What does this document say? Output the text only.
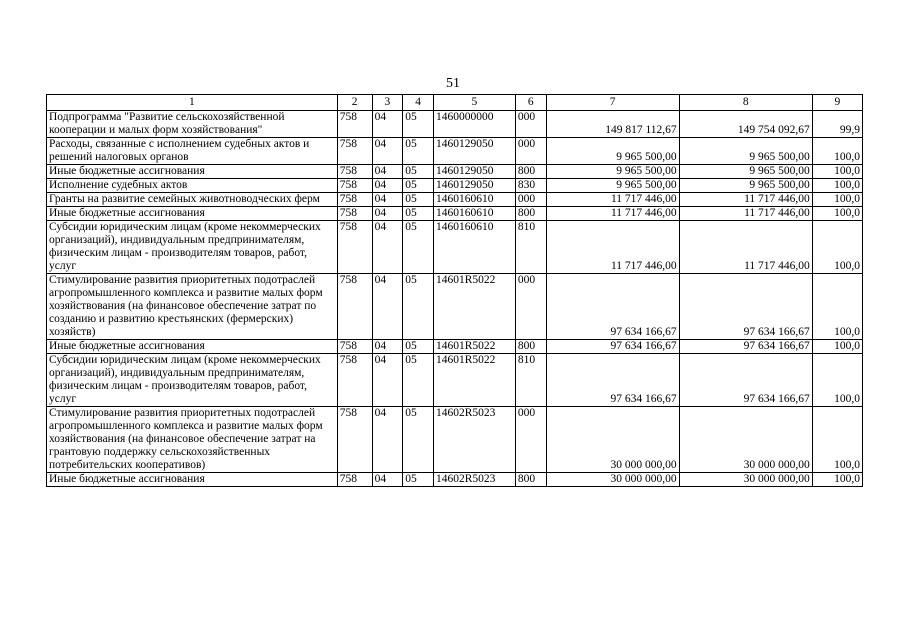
51
1	2	3	4	5	6	7	8	9
Подпрограмма "Развитие сельскохозяйственной кооперации и малых форм хозяйствования"	758	04	05	1460000000	000	149 817 112,67	149 754 092,67	99,9
Расходы, связанные с исполнением судебных актов и решений налоговых органов	758	04	05	1460129050	000	9 965 500,00	9 965 500,00	100,0
Иные бюджетные ассигнования	758	04	05	1460129050	800	9 965 500,00	9 965 500,00	100,0
Исполнение судебных актов	758	04	05	1460129050	830	9 965 500,00	9 965 500,00	100,0
Гранты на развитие семейных животноводческих ферм	758	04	05	1460160610	000	11 717 446,00	11 717 446,00	100,0
Иные бюджетные ассигнования	758	04	05	1460160610	800	11 717 446,00	11 717 446,00	100,0
Субсидии юридическим лицам (кроме некоммерческих организаций), индивидуальным предпринимателям, физическим лицам - производителям товаров, работ, услуг	758	04	05	1460160610	810	11 717 446,00	11 717 446,00	100,0
Стимулирование развития приоритетных подотраслей агропромышленного комплекса и развитие малых форм хозяйствования (на финансовое обеспечение затрат по созданию и развитию крестьянских (фермерских) хозяйств)	758	04	05	14601R5022	000	97 634 166,67	97 634 166,67	100,0
Иные бюджетные ассигнования	758	04	05	14601R5022	800	97 634 166,67	97 634 166,67	100,0
Субсидии юридическим лицам (кроме некоммерческих организаций), индивидуальным предпринимателям, физическим лицам - производителям товаров, работ, услуг	758	04	05	14601R5022	810	97 634 166,67	97 634 166,67	100,0
Стимулирование развития приоритетных подотраслей агропромышленного комплекса и развитие малых форм хозяйствования (на финансовое обеспечение затрат на грантовую поддержку сельскохозяйственных потребительских кооперативов)	758	04	05	14602R5023	000	30 000 000,00	30 000 000,00	100,0
Иные бюджетные ассигнования	758	04	05	14602R5023	800	30 000 000,00	30 000 000,00	100,0
